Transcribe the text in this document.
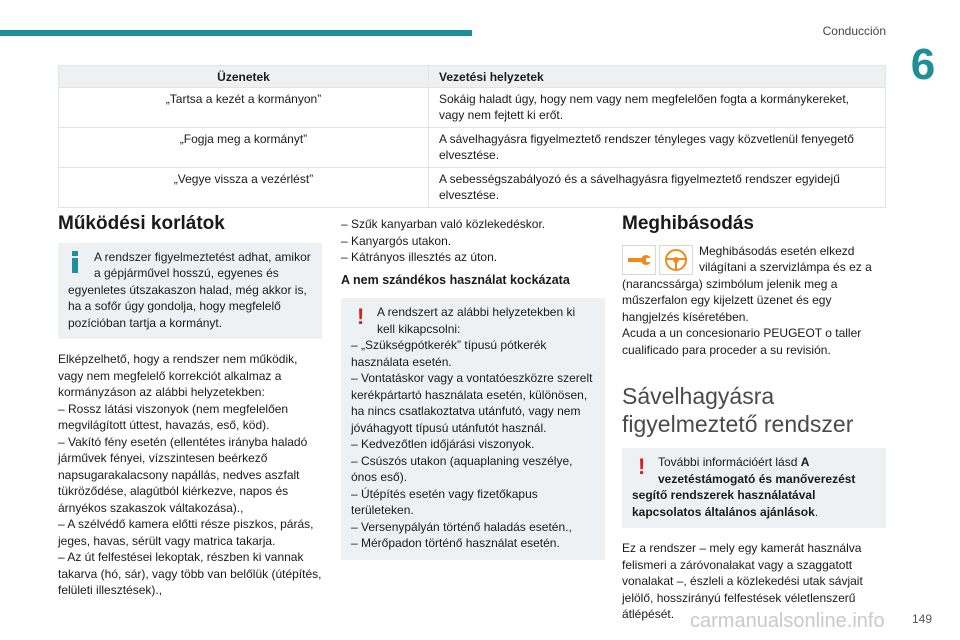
Conducción
6
Üzenetek	Vezetési helyzetek
„Tartsa a kezét a kormányon”	Sokáig haladt úgy, hogy nem vagy nem megfelelően fogta a kormánykereket, vagy nem fejtett ki erőt.
„Fogja meg a kormányt”	A sávelhagyásra figyelmeztető rendszer tényleges vagy közvetlenül fenyegető elvesztése.
„Vegye vissza a vezérlést”	A sebességszabályozó és a sávelhagyásra figyelmeztető rendszer egyidejű elvesztése.
Működési korlátok
A rendszer figyelmeztetést adhat, amikor a gépjárművel hosszú, egyenes és egyenletes útszakaszon halad, még akkor is, ha a sofőr úgy gondolja, hogy megfelelő pozícióban tartja a kormányt.
Elképzelhető, hogy a rendszer nem működik, vagy nem megfelelő korrekciót alkalmaz a kormányzáson az alábbi helyzetekben:
– Rossz látási viszonyok (nem megfelelően megvilágított úttest, havazás, eső, köd).
– Vakító fény esetén (ellentétes irányba haladó járművek fényei, vízszintesen beérkező napsugarakalacsony napállás, nedves aszfalt tükröződése, alagútból kiérkezve, napos és árnyékos szakaszok váltakozása).,
– A szélvédő kamera előtti része piszkos, párás, jeges, havas, sérült vagy matrica takarja.
– Az út felfestései lekoptak, részben ki vannak takarva (hó, sár), vagy több van belőlük (útépítés, felületi illesztések).,
– Szűk kanyarban való közlekedéskor.
– Kanyargós utakon.
– Kátrányos illesztés az úton.
A nem szándékos használat kockázata
!	A rendszert az alábbi helyzetekben ki kell kikapcsolni:
– „Szükségpótkerék” típusú pótkerék használata esetén.
– Vontatáskor vagy a vontatóeszközre szerelt kerékpártartó használata esetén, különösen, ha nincs csatlakoztatva utánfutó, vagy nem jóváhagyott típusú utánfutót használ.
– Kedvezőtlen időjárási viszonyok.
– Csúszós utakon (aquaplaning veszélye, ónos eső).
– Útépítés esetén vagy fizetőkapus területeken.
– Versenypályán történő haladás esetén.,
– Mérőpadon történő használat esetén.
Meghibásodás

Meghibásodás esetén elkezd világítani a szervizlámpa és ez a (narancssárga) szimbólum jelenik meg a műszerfalon egy kijelzett üzenet és egy hangjelzés kíséretében.

Acuda a un concesionario PEUGEOT o taller cualificado para proceder a su revisión.

Sávelhagyásra figyelmeztető rendszer
! További információért lásd A vezetéstámogató és manőverezést segítő rendszerek használatával kapcsolatos általános ajánlások.

Ez a rendszer – mely egy kamerát használva felismeri a záróvonalakat vagy a szaggatott vonalakat –, észleli a közlekedési utak sávjait jelölő, hosszirányú felfestések véletlenszerű átlépését. carmanualsonline.info 149
